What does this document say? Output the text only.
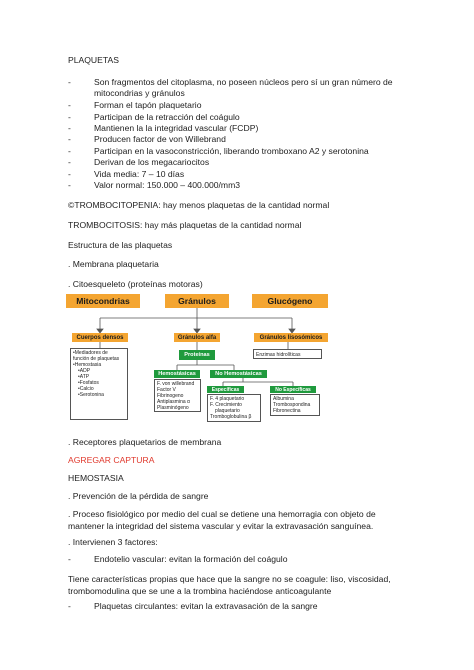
PLAQUETAS
-	Son fragmentos del citoplasma, no poseen núcleos pero sí un gran número de
mitocondrias y gránulos
-	Forman el tapón plaquetario
-	Participan de la retracción del coágulo
-	Mantienen la la integridad vascular (FCDP)
-	Producen factor de von Willebrand
-	Participan en la vasoconstricción, liberando tromboxano A2 y serotonina
-	Derivan de los megacariocitos
-	Vida media: 7 – 10 días
-	Valor normal: 150.000 – 400.000/mm3
©TROMBOCITOPENIA: hay menos plaquetas de la cantidad normal
TROMBOCITOSIS: hay más plaquetas de la cantidad normal
Estructura de las plaquetas
. Membrana plaquetaria
. Citoesqueleto (proteínas motoras)
Mitocondrias	Gránulos	Glucógeno
Cuerpos densos	Gránulos alfa	Gránulos lisosómicos
•Mediadores de
función de plaquetas
•Hemostasia
•ADP
•ATP
•Fosfatos
•Calcio
•Serotonina
Proteínas	Enzimas hidrolíticas
Hemostásicas	No Hemostásicas
F. von willebrand
Factor V
Fibrinogeno
Antiplasmina α
Plasminógeno
Específicas	No Específicas
F. 4 plaquetario
F. Crecimiento
plaquetario
Tromboglobulina β
Albumina
Trombospondina
Fibronectina
. Receptores plaquetarios de membrana
AGREGAR CAPTURA
HEMOSTASIA
. Prevención de la pérdida de sangre
. Proceso fisiológico por medio del cual se detiene una hemorragia con objeto de mantener la integridad del sistema vascular y evitar la extravasación sanguínea.
. Intervienen 3 factores:
-	Endotelio vascular: evitan la formación del coágulo
Tiene características propias que hace que la sangre no se coagule: liso, viscosidad, trombomodulina que se une a la trombina haciéndose anticoagulante
-	Plaquetas circulantes: evitan la extravasación de la sangre
